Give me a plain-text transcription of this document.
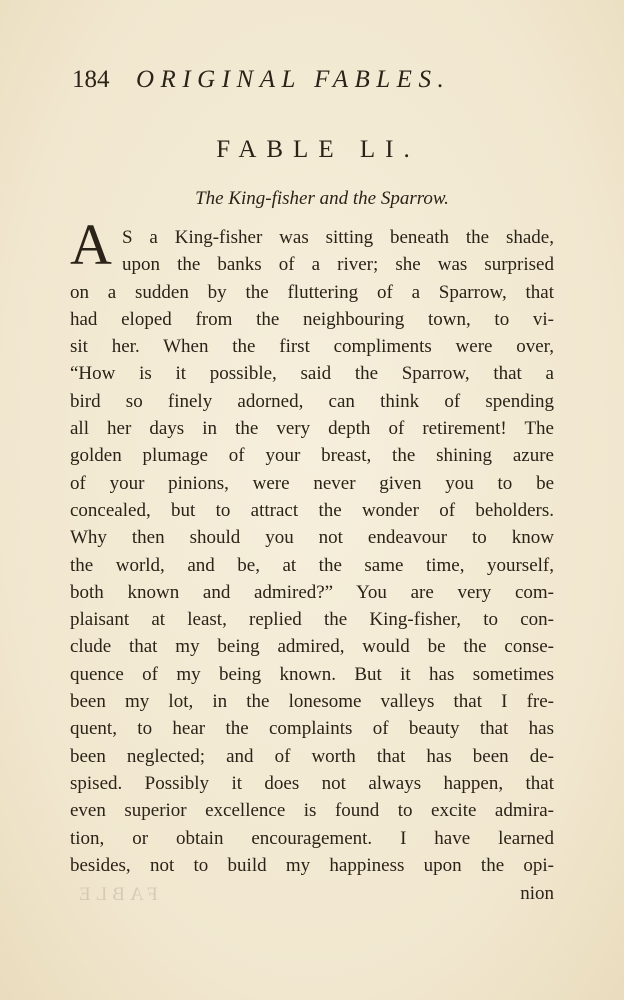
184 ORIGINAL FABLES.
FABLE LI.
The King-fisher and the Sparrow.
A S a King-fisher was sitting beneath the shade,
upon the banks of a river; she was surprised
on a sudden by the fluttering of a Sparrow, that
had eloped from the neighbouring town, to vi-
sit her. When the first compliments were over,
“How is it possible, said the Sparrow, that a
bird so finely adorned, can think of spending
all her days in the very depth of retirement! The
golden plumage of your breast, the shining azure
of your pinions, were never given you to be
concealed, but to attract the wonder of beholders.
Why then should you not endeavour to know
the world, and be, at the same time, yourself,
both known and admired?” You are very com-
plaisant at least, replied the King-fisher, to con-
clude that my being admired, would be the conse-
quence of my being known. But it has sometimes
been my lot, in the lonesome valleys that I fre-
quent, to hear the complaints of beauty that has
been neglected; and of worth that has been de-
spised. Possibly it does not always happen, that
even superior excellence is found to excite admira-
tion, or obtain encouragement. I have learned
besides, not to build my happiness upon the opi-
FABLE	nion
